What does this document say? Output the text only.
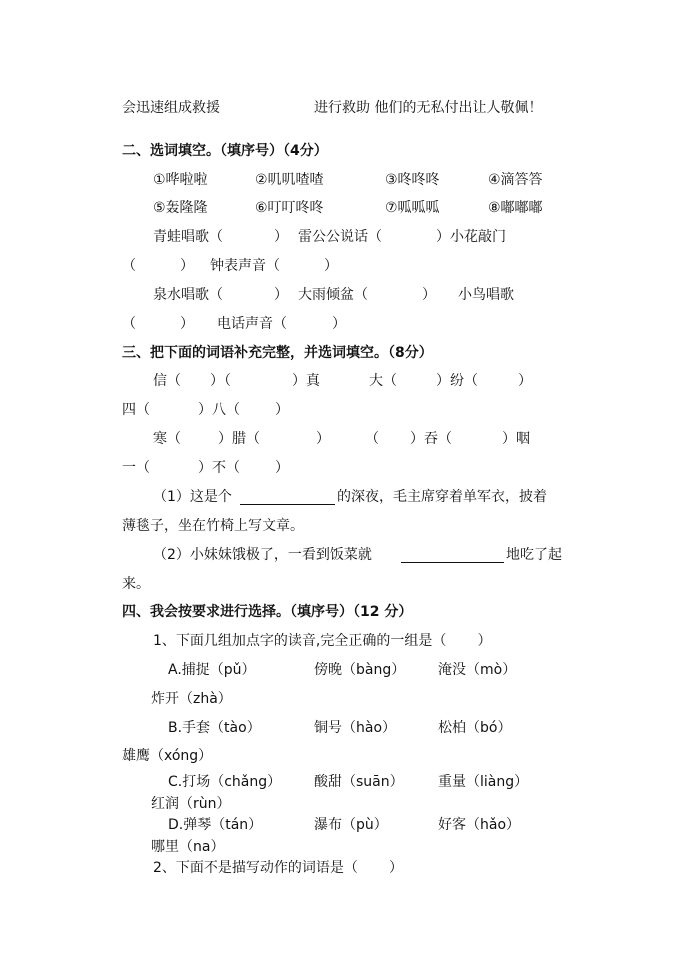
会迅速组成救援	进行救助 他们的无私付出让人敬佩！
二、选词填空。（填序号）（4分）
①哗啦啦	②叽叽喳喳	③咚咚咚	④滴答答
⑤轰隆隆	⑥叮叮咚咚	⑦呱呱呱	⑧嘟嘟嘟
青蛙唱歌（	） 雷公公说话（	）小花敲门
（	） 钟表声音（	）
泉水唱歌（	） 大雨倾盆（	） 小鸟唱歌
（	） 电话声音（	）
三、把下面的词语补充完整，并选词填空。（8分）
信（ ）（	）真	大（	）纷（	）
四（	）八（	）
寒（	）腊（	）	（ ）吞（	）咽
一（	）不（	）
（1）这是个	的深夜，毛主席穿着单军衣，披着
薄毯子，坐在竹椅上写文章。
（2）小妹妹饿极了，一看到饭菜就	地吃了起
来。
四、我会按要求进行选择。（填序号）（12 分）
1、下面几组加点字的读音,完全正确的一组是（       ）
A.捕捉（pǔ）	傍晚（bàng） 淹没（mò）
炸开（zhà）
B.手套（tào）	铜号（hào）	松柏（bó）
雄鹰（xóng）
C.打场（chǎng） 酸甜（suān） 重量（liàng）
红润（rùn）
D.弹琴（tán）	瀑布（pù）	好客（hǎo）
哪里（na）
2、下面不是描写动作的词语是（       ）
